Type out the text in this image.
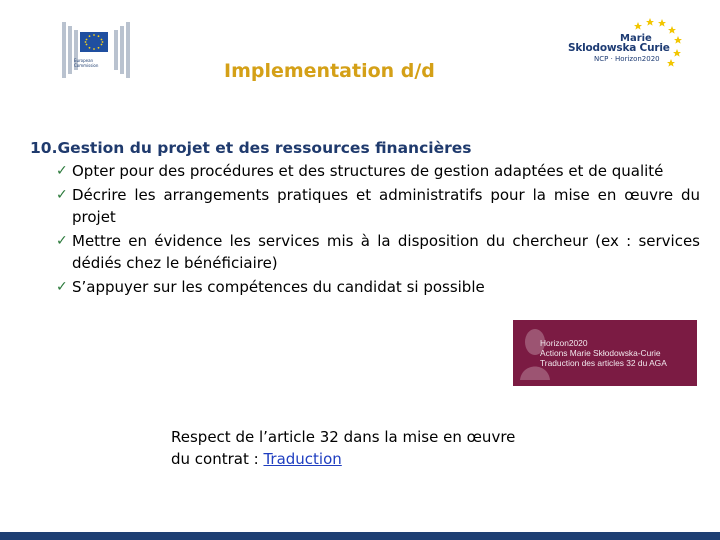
European Commission
Marie
Sklodowska Curie
NCP · Horizon2020
Implementation d/d
10.Gestion du projet et des ressources financières
✓ Opter pour des procédures et des structures de gestion adaptées et de qualité
✓ Décrire les arrangements pratiques et administratifs pour la mise en œuvre du projet
✓ Mettre en évidence les services mis à la disposition du chercheur (ex : services dédiés chez le bénéficiaire)
✓ S’appuyer sur les compétences du candidat si possible
Horizon2020
Actions Marie Skłodowska-Curie
Traduction des articles 32 du AGA
Respect de l’article 32 dans la mise en œuvre
du contrat : Traduction
